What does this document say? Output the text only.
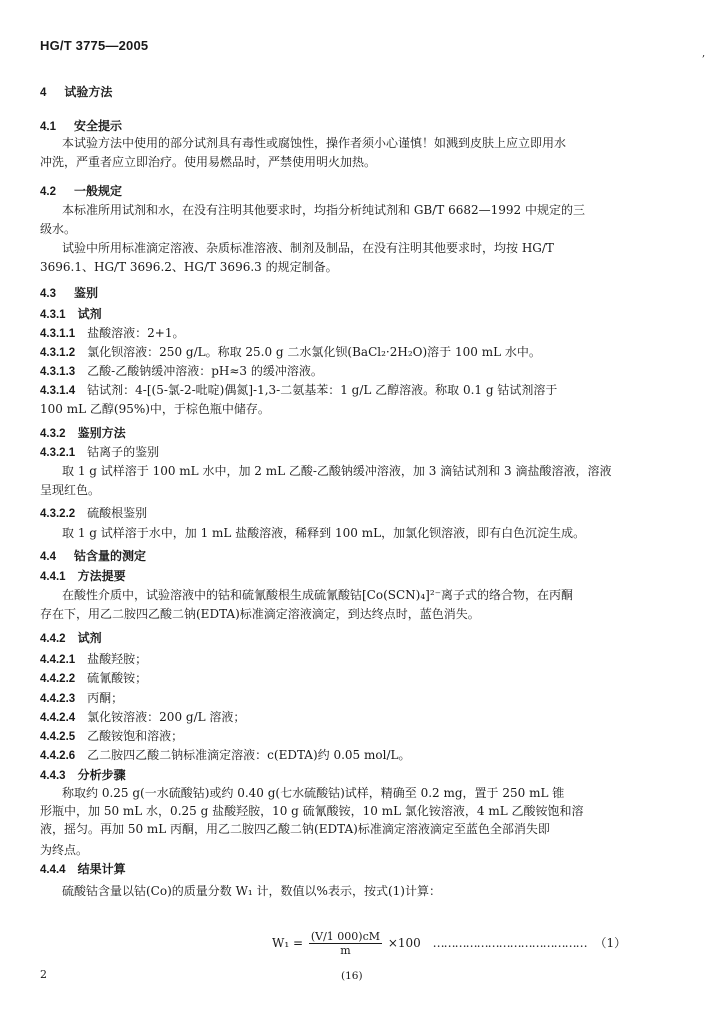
HG/T 3775—2005
,
4 试验方法
4.1 安全提示
本试验方法中使用的部分试剂具有毒性或腐蚀性，操作者须小心谨慎！如溅到皮肤上应立即用水
冲洗，严重者应立即治疗。使用易燃品时，严禁使用明火加热。
4.2 一般规定
本标准所用试剂和水，在没有注明其他要求时，均指分析纯试剂和 GB/T 6682—1992 中规定的三
级水。
试验中所用标准滴定溶液、杂质标准溶液、制剂及制品，在没有注明其他要求时，均按 HG/T
3696.1、HG/T 3696.2、HG/T 3696.3 的规定制备。
4.3 鉴别
4.3.1 试剂
4.3.1.1 盐酸溶液：2+1。
4.3.1.2 氯化钡溶液：250 g/L。称取 25.0 g 二水氯化钡(BaCl₂·2H₂O)溶于 100 mL 水中。
4.3.1.3 乙酸-乙酸钠缓冲溶液：pH≈3 的缓冲溶液。
4.3.1.4 钴试剂：4-[(5-氯-2-吡啶)偶氮]-1,3-二氨基苯：1 g/L 乙醇溶液。称取 0.1 g 钴试剂溶于
100 mL 乙醇(95%)中，于棕色瓶中储存。
4.3.2 鉴别方法
4.3.2.1 钴离子的鉴别
取 1 g 试样溶于 100 mL 水中，加 2 mL 乙酸-乙酸钠缓冲溶液，加 3 滴钴试剂和 3 滴盐酸溶液，溶液
呈现红色。
4.3.2.2 硫酸根鉴别
取 1 g 试样溶于水中，加 1 mL 盐酸溶液，稀释到 100 mL，加氯化钡溶液，即有白色沉淀生成。
4.4 钴含量的测定
4.4.1 方法提要
在酸性介质中，试验溶液中的钴和硫氰酸根生成硫氰酸钴[Co(SCN)₄]²⁻离子式的络合物，在丙酮
存在下，用乙二胺四乙酸二钠(EDTA)标准滴定溶液滴定，到达终点时，蓝色消失。
4.4.2 试剂
4.4.2.1 盐酸羟胺；
4.4.2.2 硫氰酸铵；
4.4.2.3 丙酮；
4.4.2.4 氯化铵溶液：200 g/L 溶液；
4.4.2.5 乙酸铵饱和溶液；
4.4.2.6 乙二胺四乙酸二钠标准滴定溶液：c(EDTA)约 0.05 mol/L。
4.4.3 分析步骤
称取约 0.25 g(一水硫酸钴)或约 0.40 g(七水硫酸钴)试样，精确至 0.2 mg，置于 250 mL 锥
形瓶中，加 50 mL 水，0.25 g 盐酸羟胺，10 g 硫氰酸铵，10 mL 氯化铵溶液，4 mL 乙酸铵饱和溶
液，摇匀。再加 50 mL 丙酮，用乙二胺四乙酸二钠(EDTA)标准滴定溶液滴定至蓝色全部消失即
为终点。
4.4.4 结果计算
硫酸钴含量以钴(Co)的质量分数 W₁ 计，数值以%表示，按式(1)计算：
$W_1 = \frac{(V/1 000)cM}{m} \times 100$ …………………………………… （1）
2	(16)
